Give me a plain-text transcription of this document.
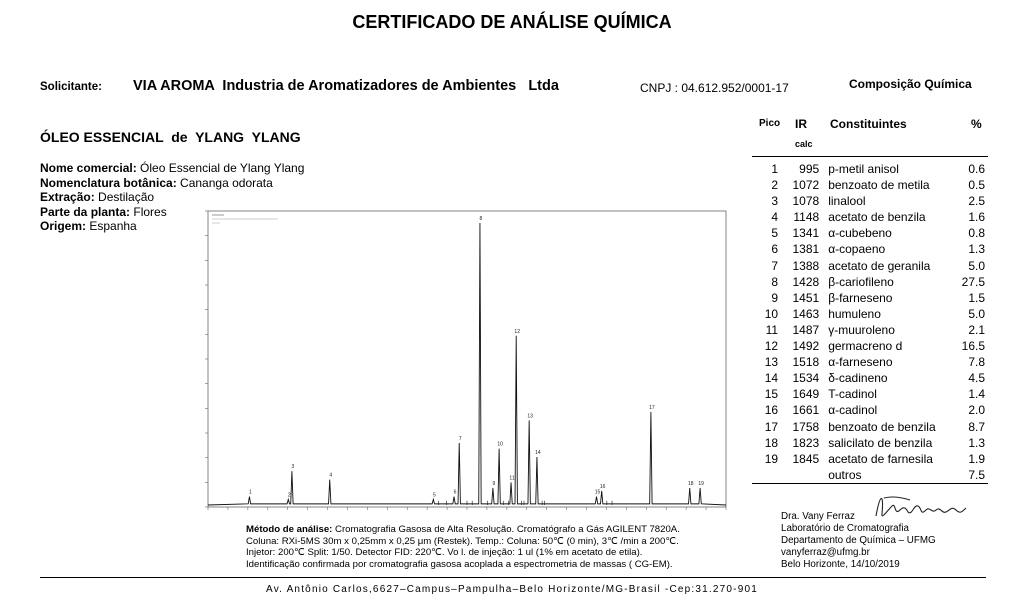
CERTIFICADO DE ANÁLISE QUÍMICA
Solicitante: VIA AROMA  Industria de Aromatizadores de Ambientes   Ltda	CNPJ : 04.612.952/0001-17	Composição Química
ÓLEO ESSENCIAL  de  YLANG  YLANG
Nome comercial: Óleo Essencial de Ylang Ylang
Nomenclatura botânica: Cananga odorata
Extração: Destilação
Parte da planta: Flores
Origem: Espanha
Pico IR
calc
Constituintes	%
1	995	p-metil anisol	0.6
2	1072	benzoato de metila	0.5
3	1078	linalool	2.5
4	1148	acetato de benzila	1.6
5	1341	α-cubebeno	0.8
6	1381	α-copaeno	1.3
7	1388	acetato de geranila	5.0
8	1428	β-cariofileno	27.5
9	1451	β-farneseno	1.5
10	1463	humuleno	5.0
11	1487	γ-muuroleno	2.1
12	1492	germacreno d	16.5
13	1518	α-farneseno	7.8
14	1534	δ-cadineno	4.5
15	1649	T-cadinol	1.4
16	1661	α-cadinol	2.0
17	1758	benzoato de benzila	8.7
18	1823	salicilato de benzila	1.3
19	1845	acetato de farnesila	1.9
		outros	7.5
1	2
3
4
5	6
7
8
9
10
11
12
13
14
15
16
17
18 19
Método de análise: Cromatografia Gasosa de Alta Resolução. Cromatógrafo a Gás AGILENT 7820A.
Coluna: RXi-5MS 30m x 0,25mm x 0,25 μm (Restek). Temp.: Coluna: 50℃ (0 min), 3℃ /min a 200℃.
Injetor: 200℃ Split: 1/50. Detector FID: 220℃. Vo l. de injeção: 1 ul (1% em acetato de etila).
Identificação confirmada por cromatografia gasosa acoplada a espectrometria de massas ( CG-EM).
Dra. Vany Ferraz
Laboratório de Cromatografia
Departamento de Química – UFMG
vanyferraz@ufmg.br
Belo Horizonte, 14/10/2019
Av. Antônio Carlos,6627–Campus–Pampulha–Belo Horizonte/MG-Brasil -Cep:31.270-901
